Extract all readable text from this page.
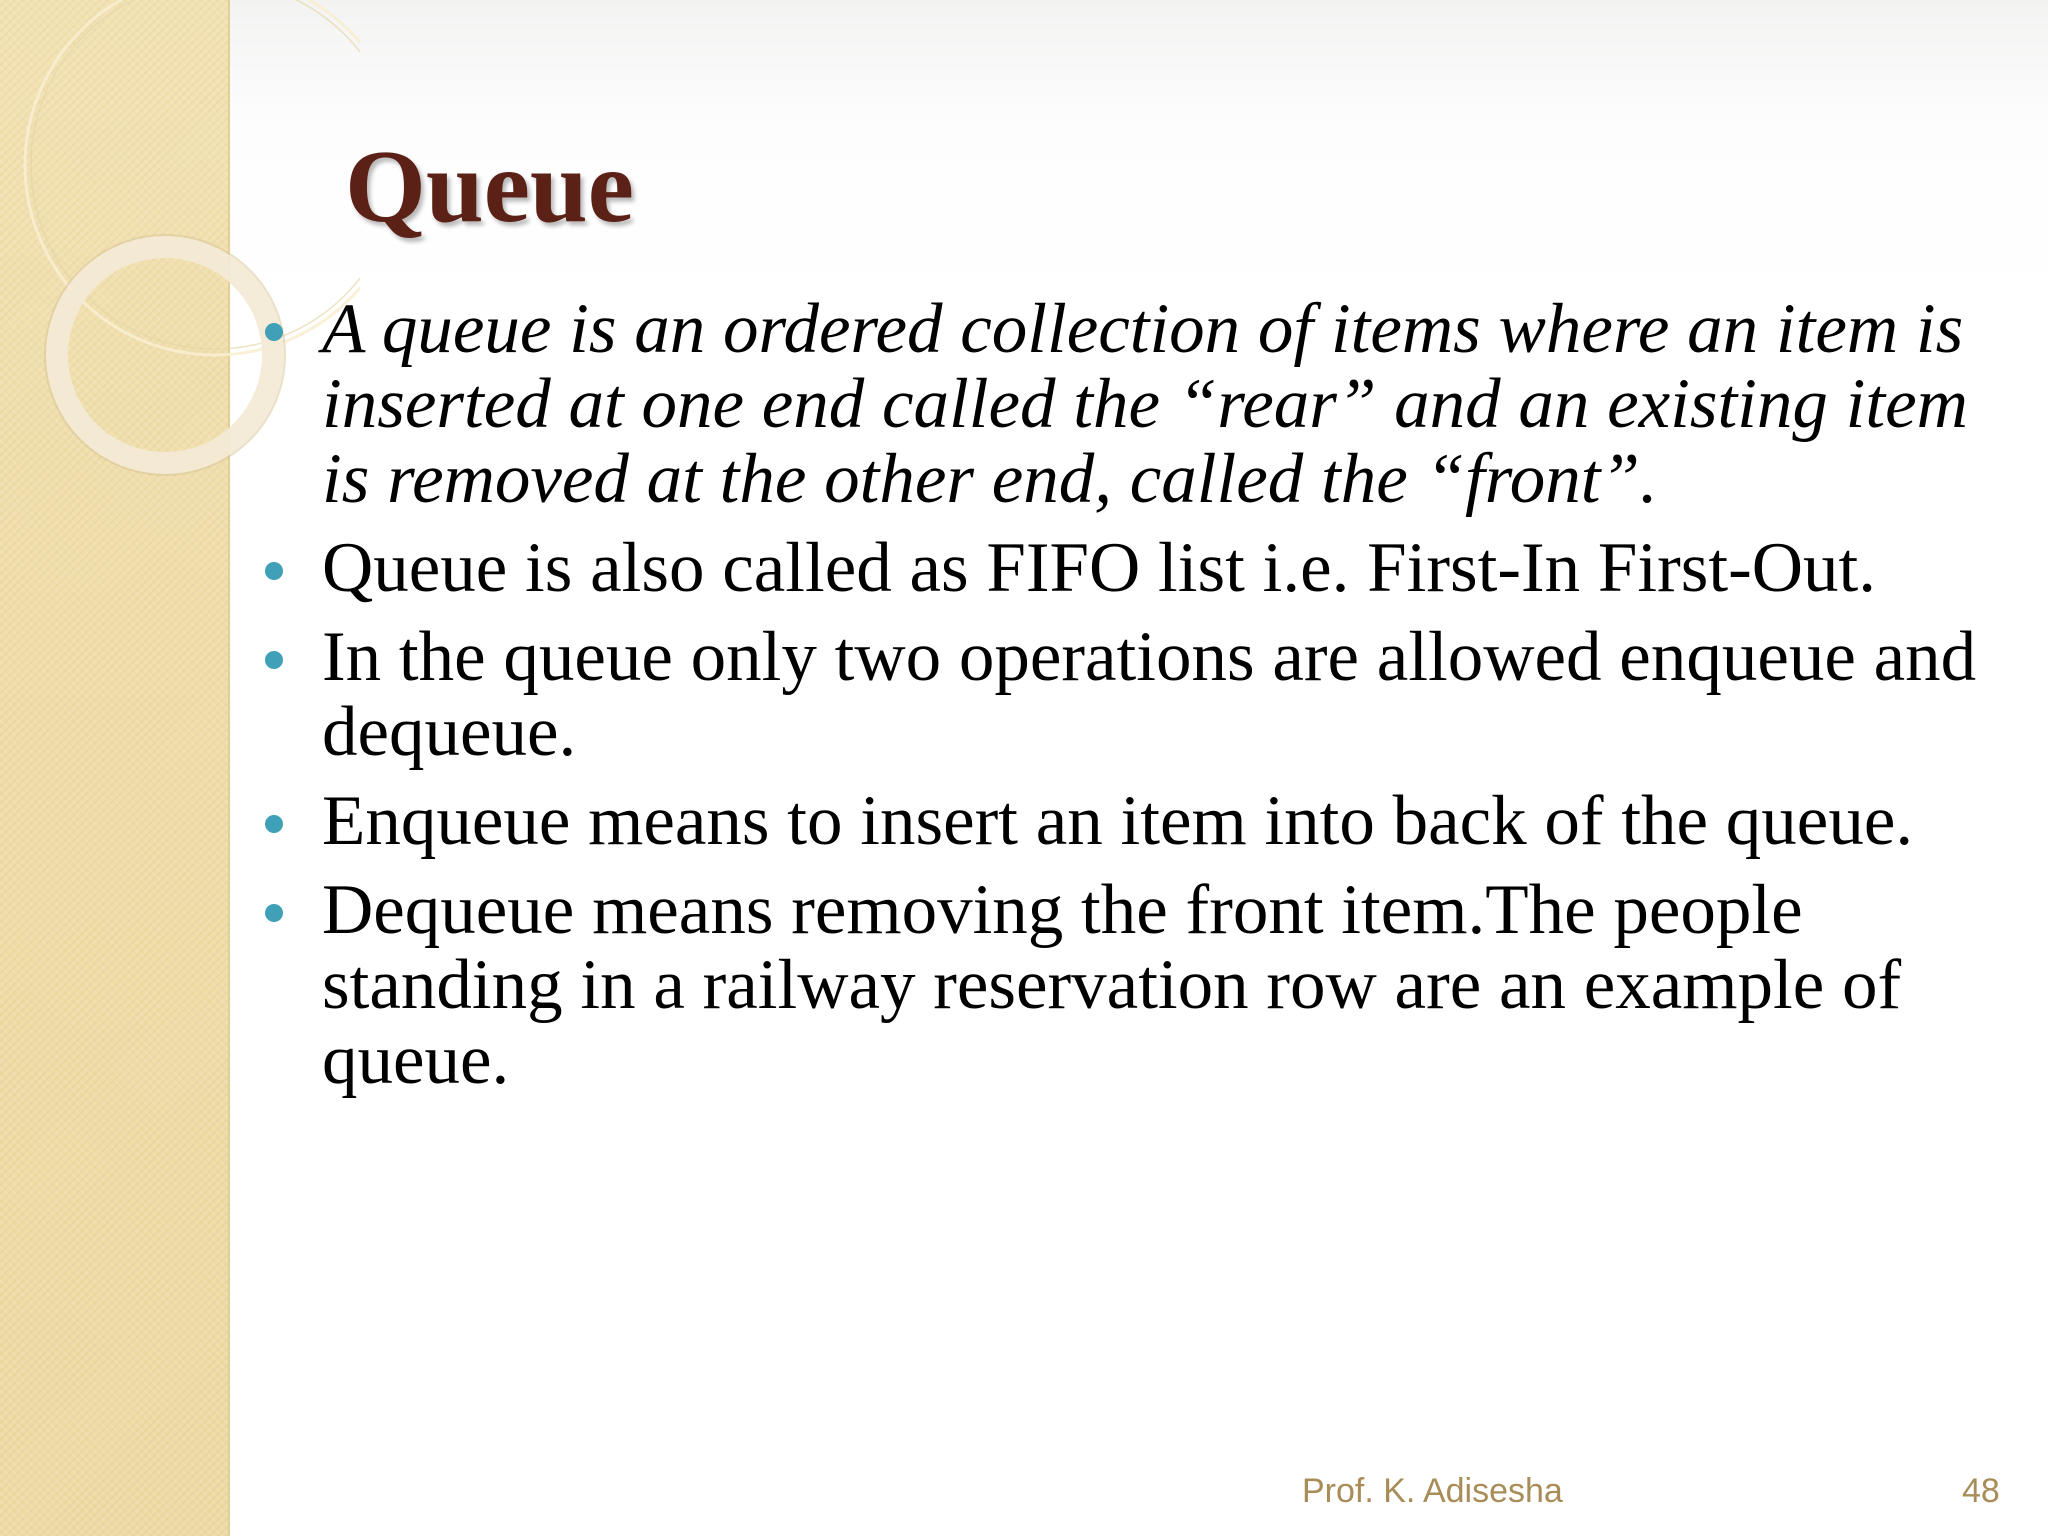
Queue
A queue is an ordered collection of items where an item is inserted at one end called the “rear” and an existing item is removed at the other end, called the “front”.
Queue is also called as FIFO list i.e. First-In First-Out.
In the queue only two operations are allowed enqueue and dequeue.
Enqueue means to insert an item into back of the queue.
Dequeue means removing the front item.The people standing in a railway reservation row are an example of queue.
Prof. K. Adisesha	48
